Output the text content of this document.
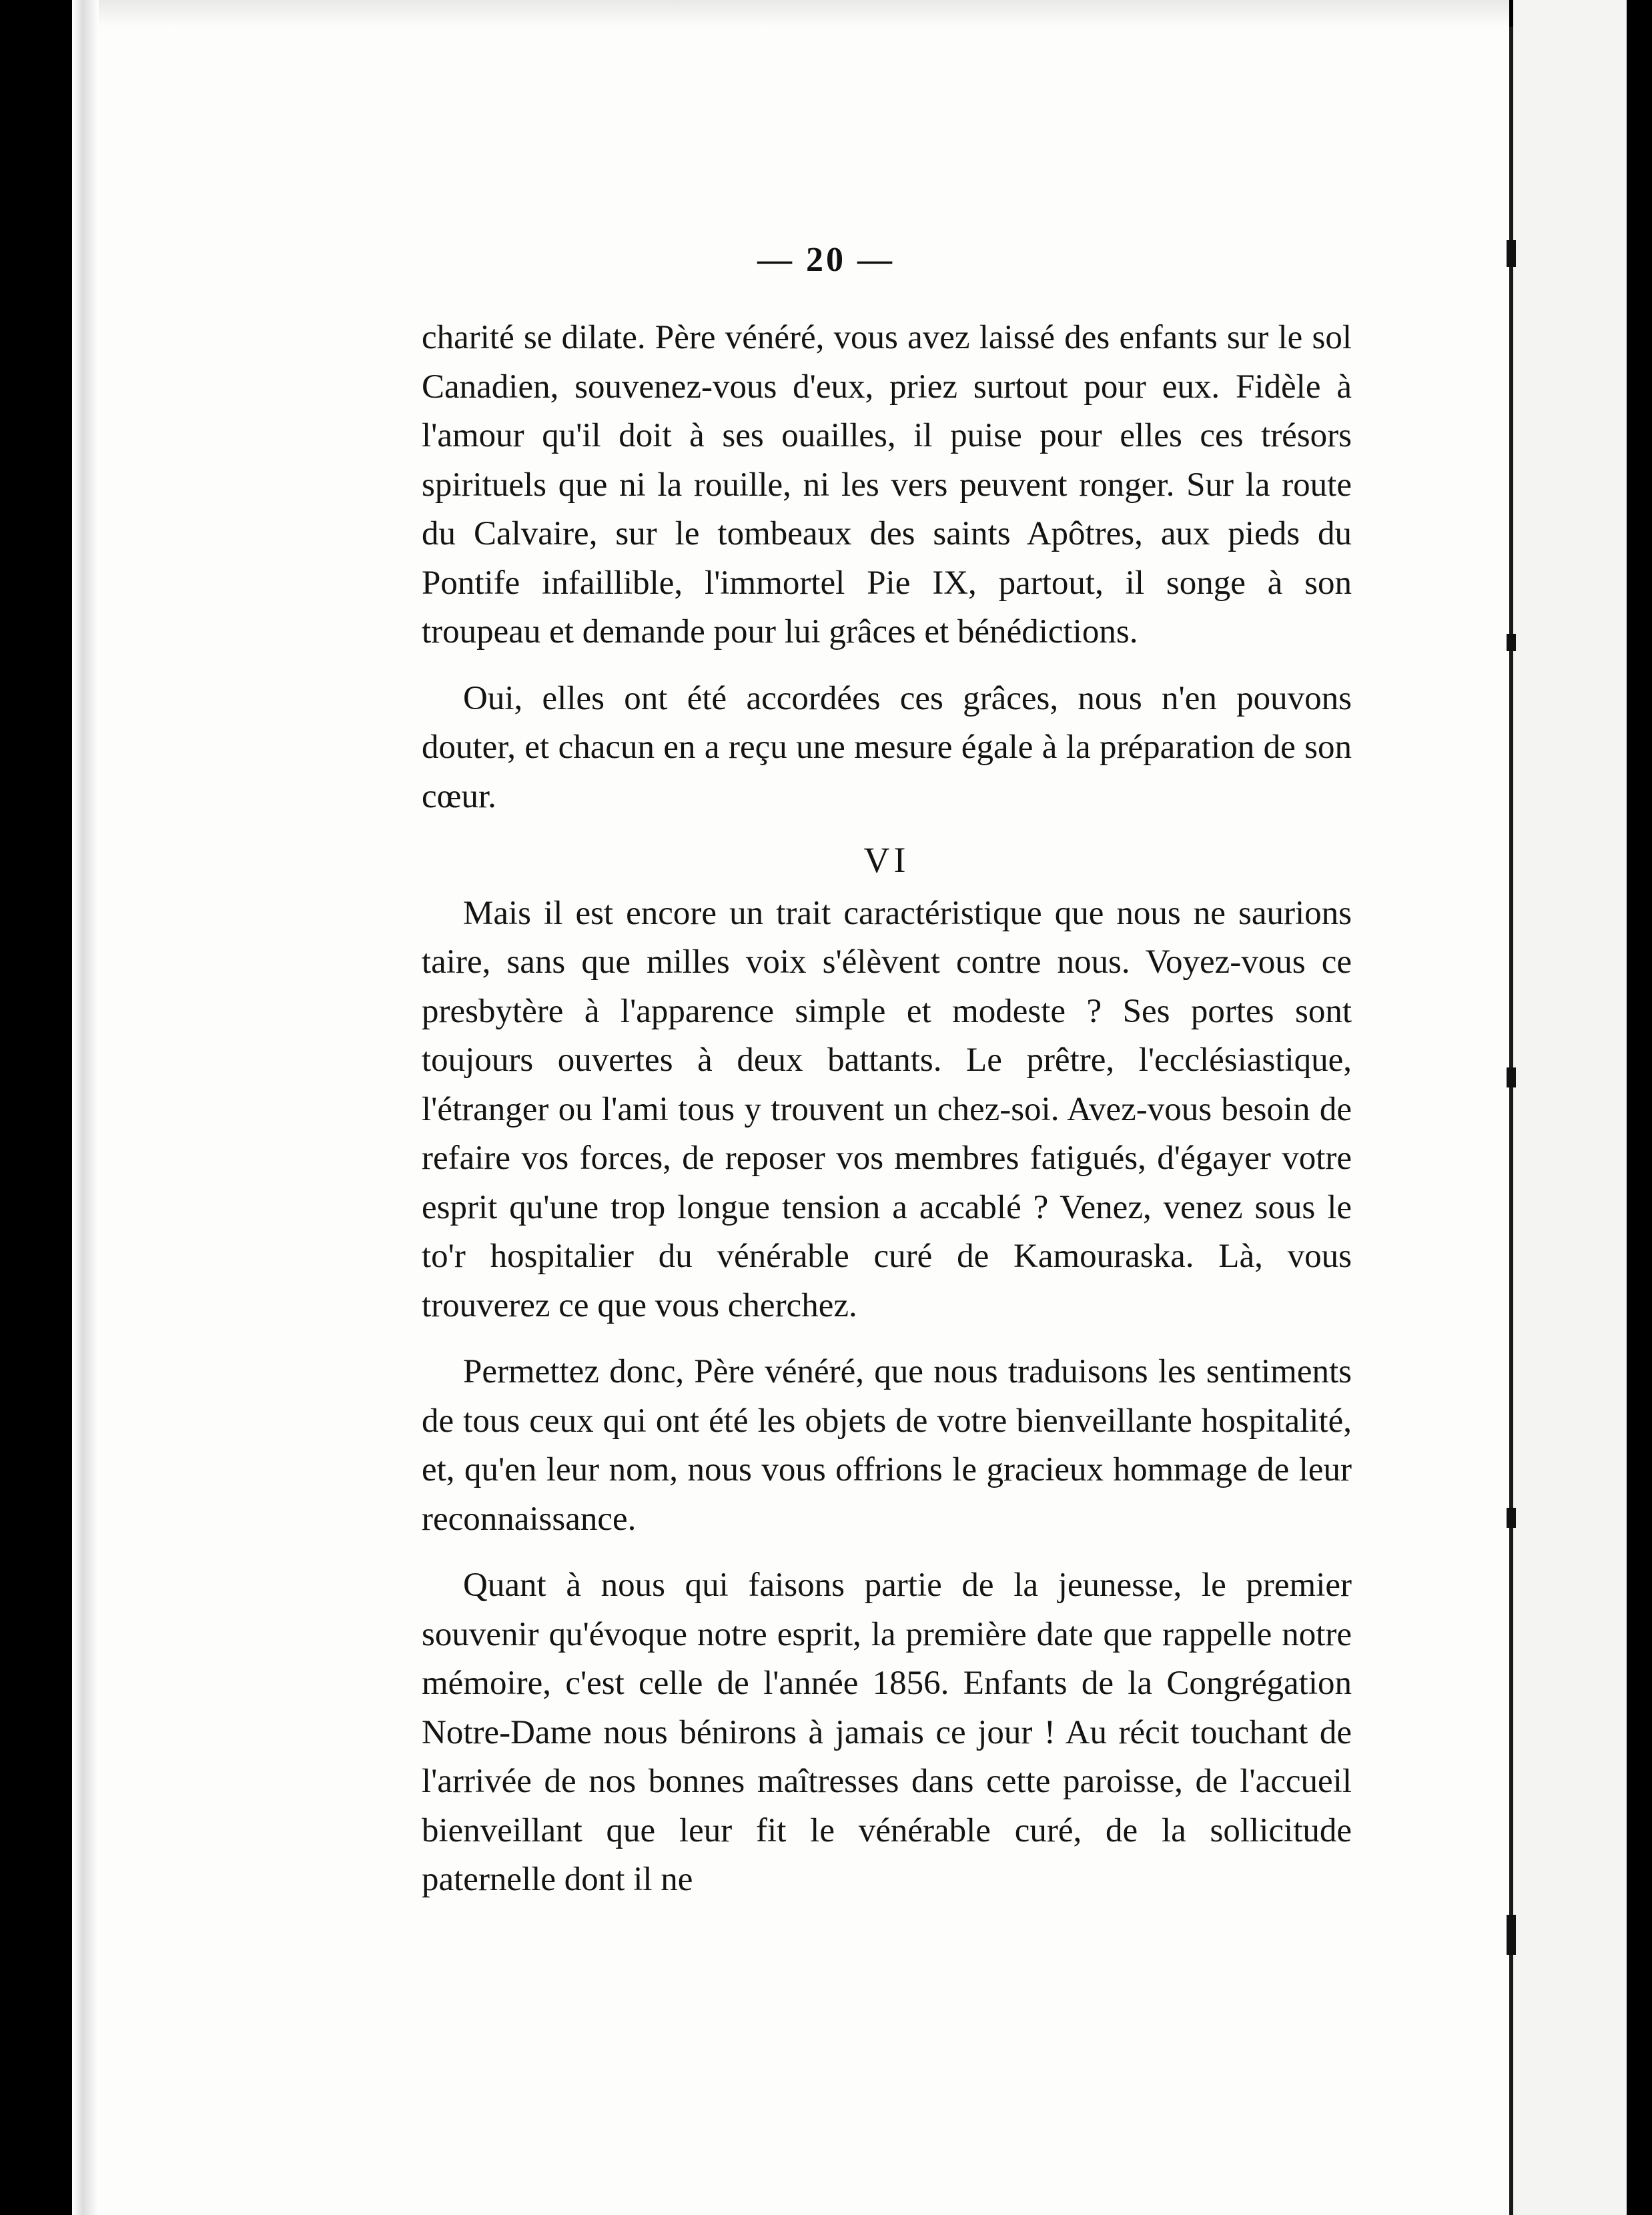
— 20 —

charité se dilate. Père vénéré, vous avez laissé des enfants sur le sol Canadien, souvenez-vous d'eux, priez surtout pour eux. Fidèle à l'amour qu'il doit à ses ouailles, il puise pour elles ces trésors spirituels que ni la rouille, ni les vers peuvent ronger. Sur la route du Calvaire, sur le tombeaux des saints Apôtres, aux pieds du Pontife infaillible, l'immortel Pie IX, partout, il songe à son troupeau et demande pour lui grâces et bénédictions.

Oui, elles ont été accordées ces grâces, nous n'en pouvons douter, et chacun en a reçu une mesure égale à la préparation de son cœur.

VI

Mais il est encore un trait caractéristique que nous ne saurions taire, sans que milles voix s'élèvent contre nous. Voyez-vous ce presbytère à l'apparence simple et modeste ? Ses portes sont toujours ouvertes à deux battants. Le prêtre, l'ecclésiastique, l'étranger ou l'ami tous y trouvent un chez-soi. Avez-vous besoin de refaire vos forces, de reposer vos membres fatigués, d'égayer votre esprit qu'une trop longue tension a accablé ? Venez, venez sous le to'r hospitalier du vénérable curé de Kamouraska. Là, vous trouverez ce que vous cherchez.

Permettez donc, Père vénéré, que nous traduisons les sentiments de tous ceux qui ont été les objets de votre bienveillante hospitalité, et, qu'en leur nom, nous vous offrions le gracieux hommage de leur reconnaissance.

Quant à nous qui faisons partie de la jeunesse, le premier souvenir qu'évoque notre esprit, la première date que rappelle notre mémoire, c'est celle de l'année 1856. Enfants de la Congrégation Notre-Dame nous bénirons à jamais ce jour ! Au récit touchant de l'arrivée de nos bonnes maîtresses dans cette paroisse, de l'accueil bienveillant que leur fit le vénérable curé, de la sollicitude paternelle dont il ne
